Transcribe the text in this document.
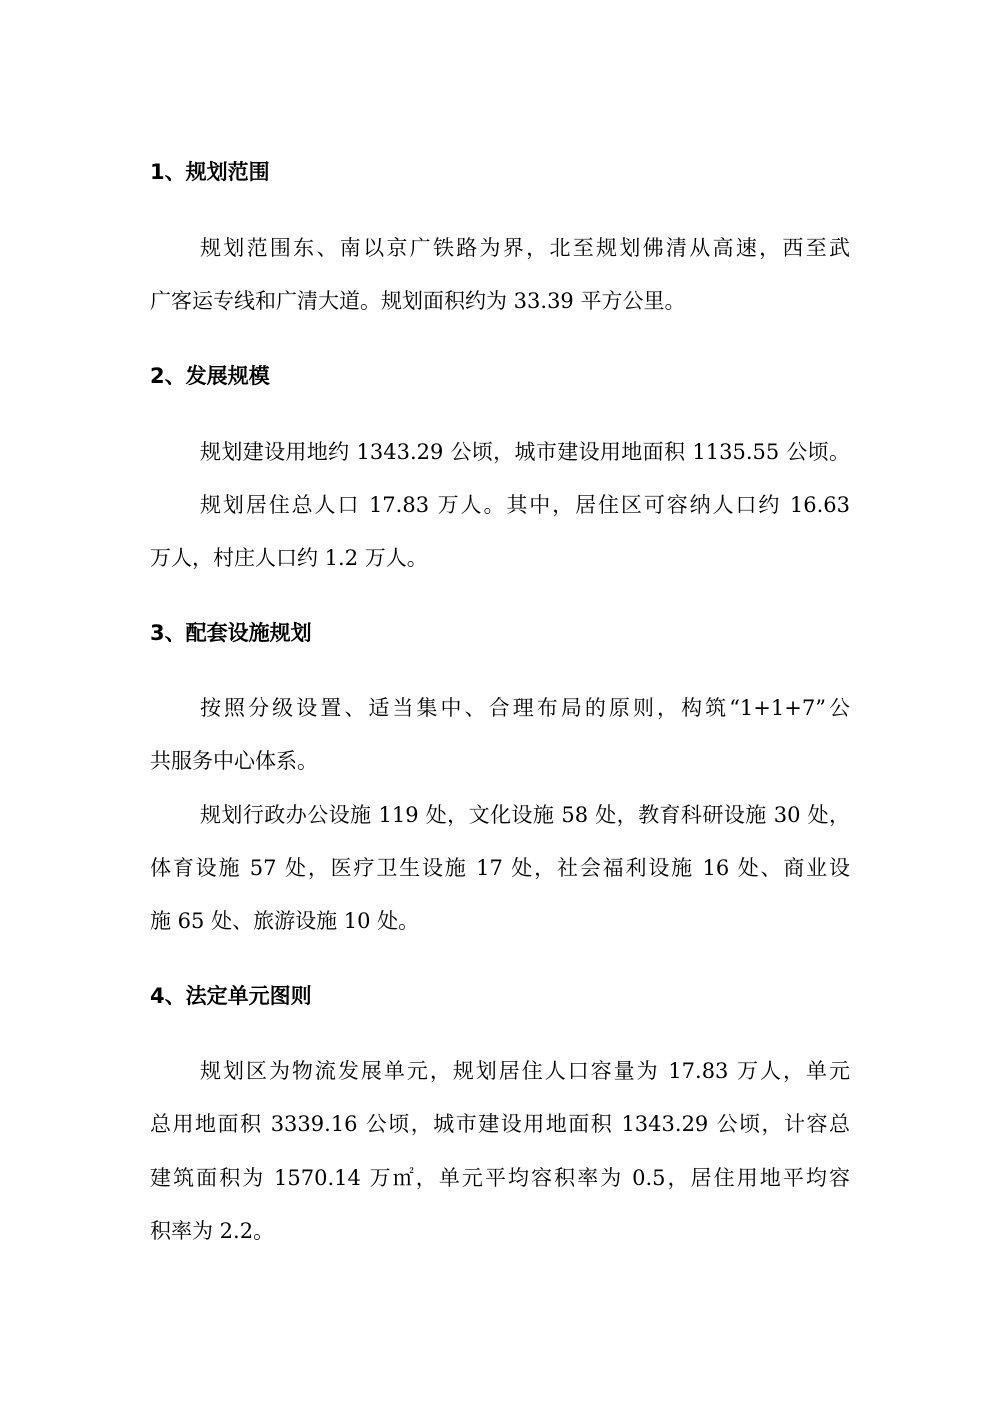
1、规划范围
规划范围东、南以京广铁路为界，北至规划佛清从高速，西至武
广客运专线和广清大道。规划面积约为 33.39 平方公里。
2、发展规模
规划建设用地约 1343.29 公顷，城市建设用地面积 1135.55 公顷。
规划居住总人口 17.83 万人。其中，居住区可容纳人口约 16.63
万人，村庄人口约 1.2 万人。
3、配套设施规划
按照分级设置、适当集中、合理布局的原则，构筑“1+1+7”公
共服务中心体系。
规划行政办公设施 119 处，文化设施 58 处，教育科研设施 30 处，
体育设施 57 处，医疗卫生设施 17 处，社会福利设施 16 处、商业设
施 65 处、旅游设施 10 处。
4、法定单元图则
规划区为物流发展单元，规划居住人口容量为 17.83 万人，单元
总用地面积 3339.16 公顷，城市建设用地面积 1343.29 公顷，计容总
建筑面积为 1570.14 万㎡，单元平均容积率为 0.5，居住用地平均容
积率为 2.2。
